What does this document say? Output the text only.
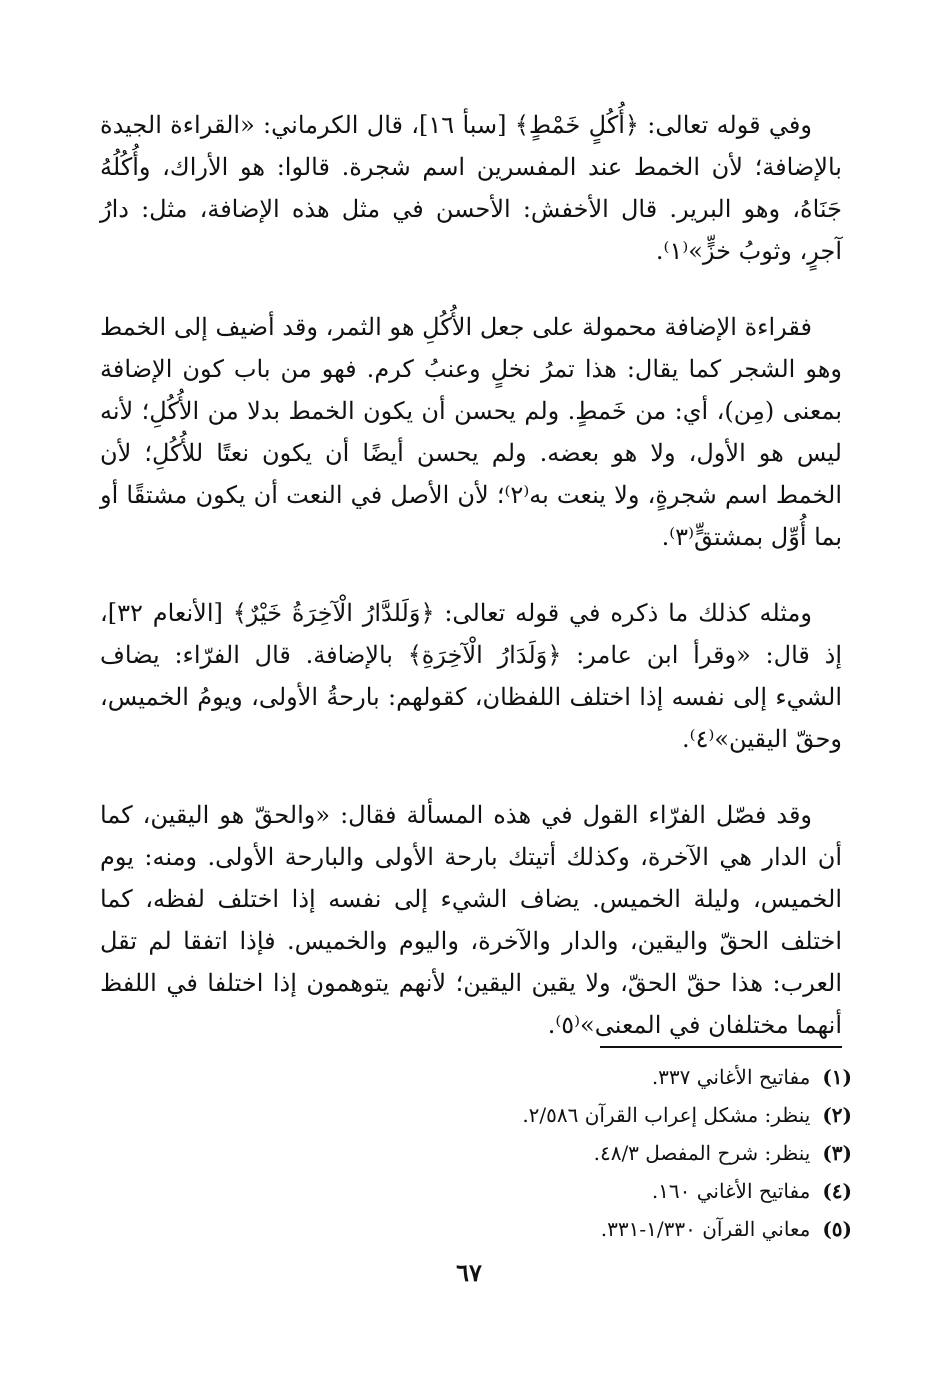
وفي قوله تعالى: ﴿أُكُلٍ خَمْطٍ﴾ [سبأ ١٦]، قال الكرماني: «القراءة الجيدة بالإضافة؛ لأن الخمط عند المفسرين اسم شجرة. قالوا: هو الأراك، وأُكُلُهُ جَنَاهُ، وهو البرير. قال الأخفش: الأحسن في مثل هذه الإضافة، مثل: دارُ آجرٍ، وثوبُ خزٍّ»⁽١⁾.

فقراءة الإضافة محمولة على جعل الأُكُلِ هو الثمر، وقد أضيف إلى الخمط وهو الشجر كما يقال: هذا تمرُ نخلٍ وعنبُ كرم. فهو من باب كون الإضافة بمعنى (مِن)، أي: من خَمطٍ. ولم يحسن أن يكون الخمط بدلا من الأُكُلِ؛ لأنه ليس هو الأول، ولا هو بعضه. ولم يحسن أيضًا أن يكون نعتًا للأُكُلِ؛ لأن الخمط اسم شجرةٍ، ولا ينعت به⁽٢⁾؛ لأن الأصل في النعت أن يكون مشتقًا أو بما أُوِّل بمشتقٍّ⁽٣⁾.

ومثله كذلك ما ذكره في قوله تعالى: ﴿وَلَلدَّارُ الْآخِرَةُ خَيْرٌ﴾ [الأنعام ٣٢]، إذ قال: «وقرأ ابن عامر: ﴿وَلَدَارُ الْآخِرَةِ﴾ بالإضافة. قال الفرّاء: يضاف الشيء إلى نفسه إذا اختلف اللفظان، كقولهم: بارحةُ الأولى، ويومُ الخميس، وحقّ اليقين»⁽٤⁾.

وقد فصّل الفرّاء القول في هذه المسألة فقال: «والحقّ هو اليقين، كما أن الدار هي الآخرة، وكذلك أتيتك بارحة الأولى والبارحة الأولى. ومنه: يوم الخميس، وليلة الخميس. يضاف الشيء إلى نفسه إذا اختلف لفظه، كما اختلف الحقّ واليقين، والدار والآخرة، واليوم والخميس. فإذا اتفقا لم تقل العرب: هذا حقّ الحقّ، ولا يقين اليقين؛ لأنهم يتوهمون إذا اختلفا في اللفظ أنهما مختلفان في المعنى»⁽٥⁾.

(١)مفاتيح الأغاني ٣٣٧.
(٢)ينظر: مشكل إعراب القرآن ٢/٥٨٦.
(٣)ينظر: شرح المفصل ٤٨/٣.
(٤)مفاتيح الأغاني ١٦٠.
(٥)معاني القرآن ١/٣٣٠-٣٣١.
٦٧
